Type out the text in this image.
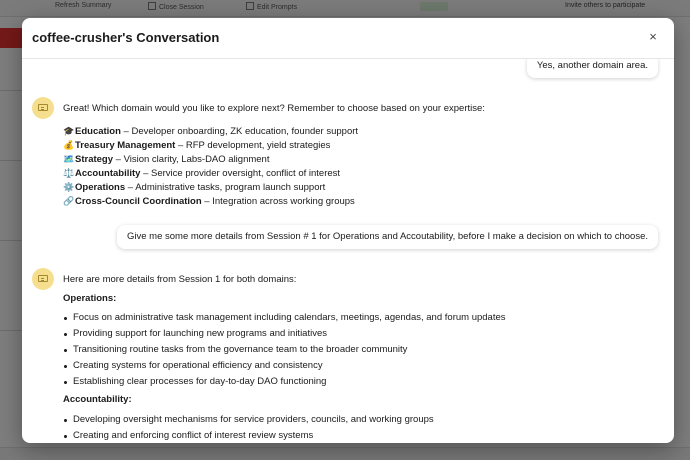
Refresh Summary	Close Session	Edit Prompts	Invite others to participate
coffee-crusher's Conversation	×
Yes, another domain area.

Great! Which domain would you like to explore next? Remember to choose based on your expertise:

🎓Education – Developer onboarding, ZK education, founder support
💰Treasury Management – RFP development, yield strategies
🗺️Strategy – Vision clarity, Labs-DAO alignment
⚖️Accountability – Service provider oversight, conflict of interest
⚙️Operations – Administrative tasks, program launch support
🔗Cross-Council Coordination – Integration across working groups
Give me some more details from Session # 1 for Operations and Accoutability, before I make a decision on which to choose.

Here are more details from Session 1 for both domains:

Operations:
Focus on administrative task management including calendars, meetings, agendas, and forum updates
Providing support for launching new programs and initiatives
Transitioning routine tasks from the governance team to the broader community
Creating systems for operational efficiency and consistency
Establishing clear processes for day-to-day DAO functioning
Accountability:
Developing oversight mechanisms for service providers, councils, and working groups
Creating and enforcing conflict of interest review systems
